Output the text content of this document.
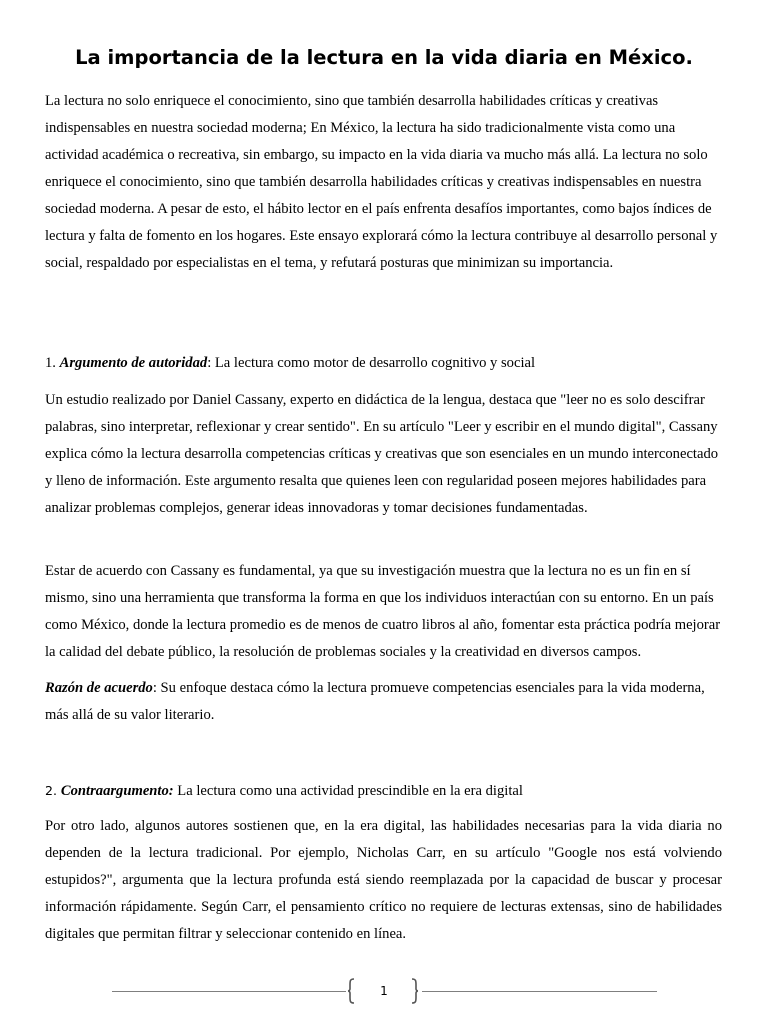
La importancia de la lectura en la vida diaria en México.

La lectura no solo enriquece el conocimiento, sino que también desarrolla habilidades críticas y creativas indispensables en nuestra sociedad moderna; En México, la lectura ha sido tradicionalmente vista como una actividad académica o recreativa, sin embargo, su impacto en la vida diaria va mucho más allá. La lectura no solo enriquece el conocimiento, sino que también desarrolla habilidades críticas y creativas indispensables en nuestra sociedad moderna. A pesar de esto, el hábito lector en el país enfrenta desafíos importantes, como bajos índices de lectura y falta de fomento en los hogares. Este ensayo explorará cómo la lectura contribuye al desarrollo personal y social, respaldado por especialistas en el tema, y refutará posturas que minimizan su importancia.

1. Argumento de autoridad: La lectura como motor de desarrollo cognitivo y social

Un estudio realizado por Daniel Cassany, experto en didáctica de la lengua, destaca que "leer no es solo descifrar palabras, sino interpretar, reflexionar y crear sentido". En su artículo "Leer y escribir en el mundo digital", Cassany explica cómo la lectura desarrolla competencias críticas y creativas que son esenciales en un mundo interconectado y lleno de información. Este argumento resalta que quienes leen con regularidad poseen mejores habilidades para analizar problemas complejos, generar ideas innovadoras y tomar decisiones fundamentadas.

Estar de acuerdo con Cassany es fundamental, ya que su investigación muestra que la lectura no es un fin en sí mismo, sino una herramienta que transforma la forma en que los individuos interactúan con su entorno. En un país como México, donde la lectura promedio es de menos de cuatro libros al año, fomentar esta práctica podría mejorar la calidad del debate público, la resolución de problemas sociales y la creatividad en diversos campos.

Razón de acuerdo: Su enfoque destaca cómo la lectura promueve competencias esenciales para la vida moderna, más allá de su valor literario.

2. Contraargumento: La lectura como una actividad prescindible en la era digital

Por otro lado, algunos autores sostienen que, en la era digital, las habilidades necesarias para la vida diaria no dependen de la lectura tradicional. Por ejemplo, Nicholas Carr, en su artículo "Google nos está volviendo estupidos?", argumenta que la lectura profunda está siendo reemplazada por la capacidad de buscar y procesar información rápidamente. Según Carr, el pensamiento crítico no requiere de lecturas extensas, sino de habilidades digitales que permitan filtrar y seleccionar contenido en línea.

1
